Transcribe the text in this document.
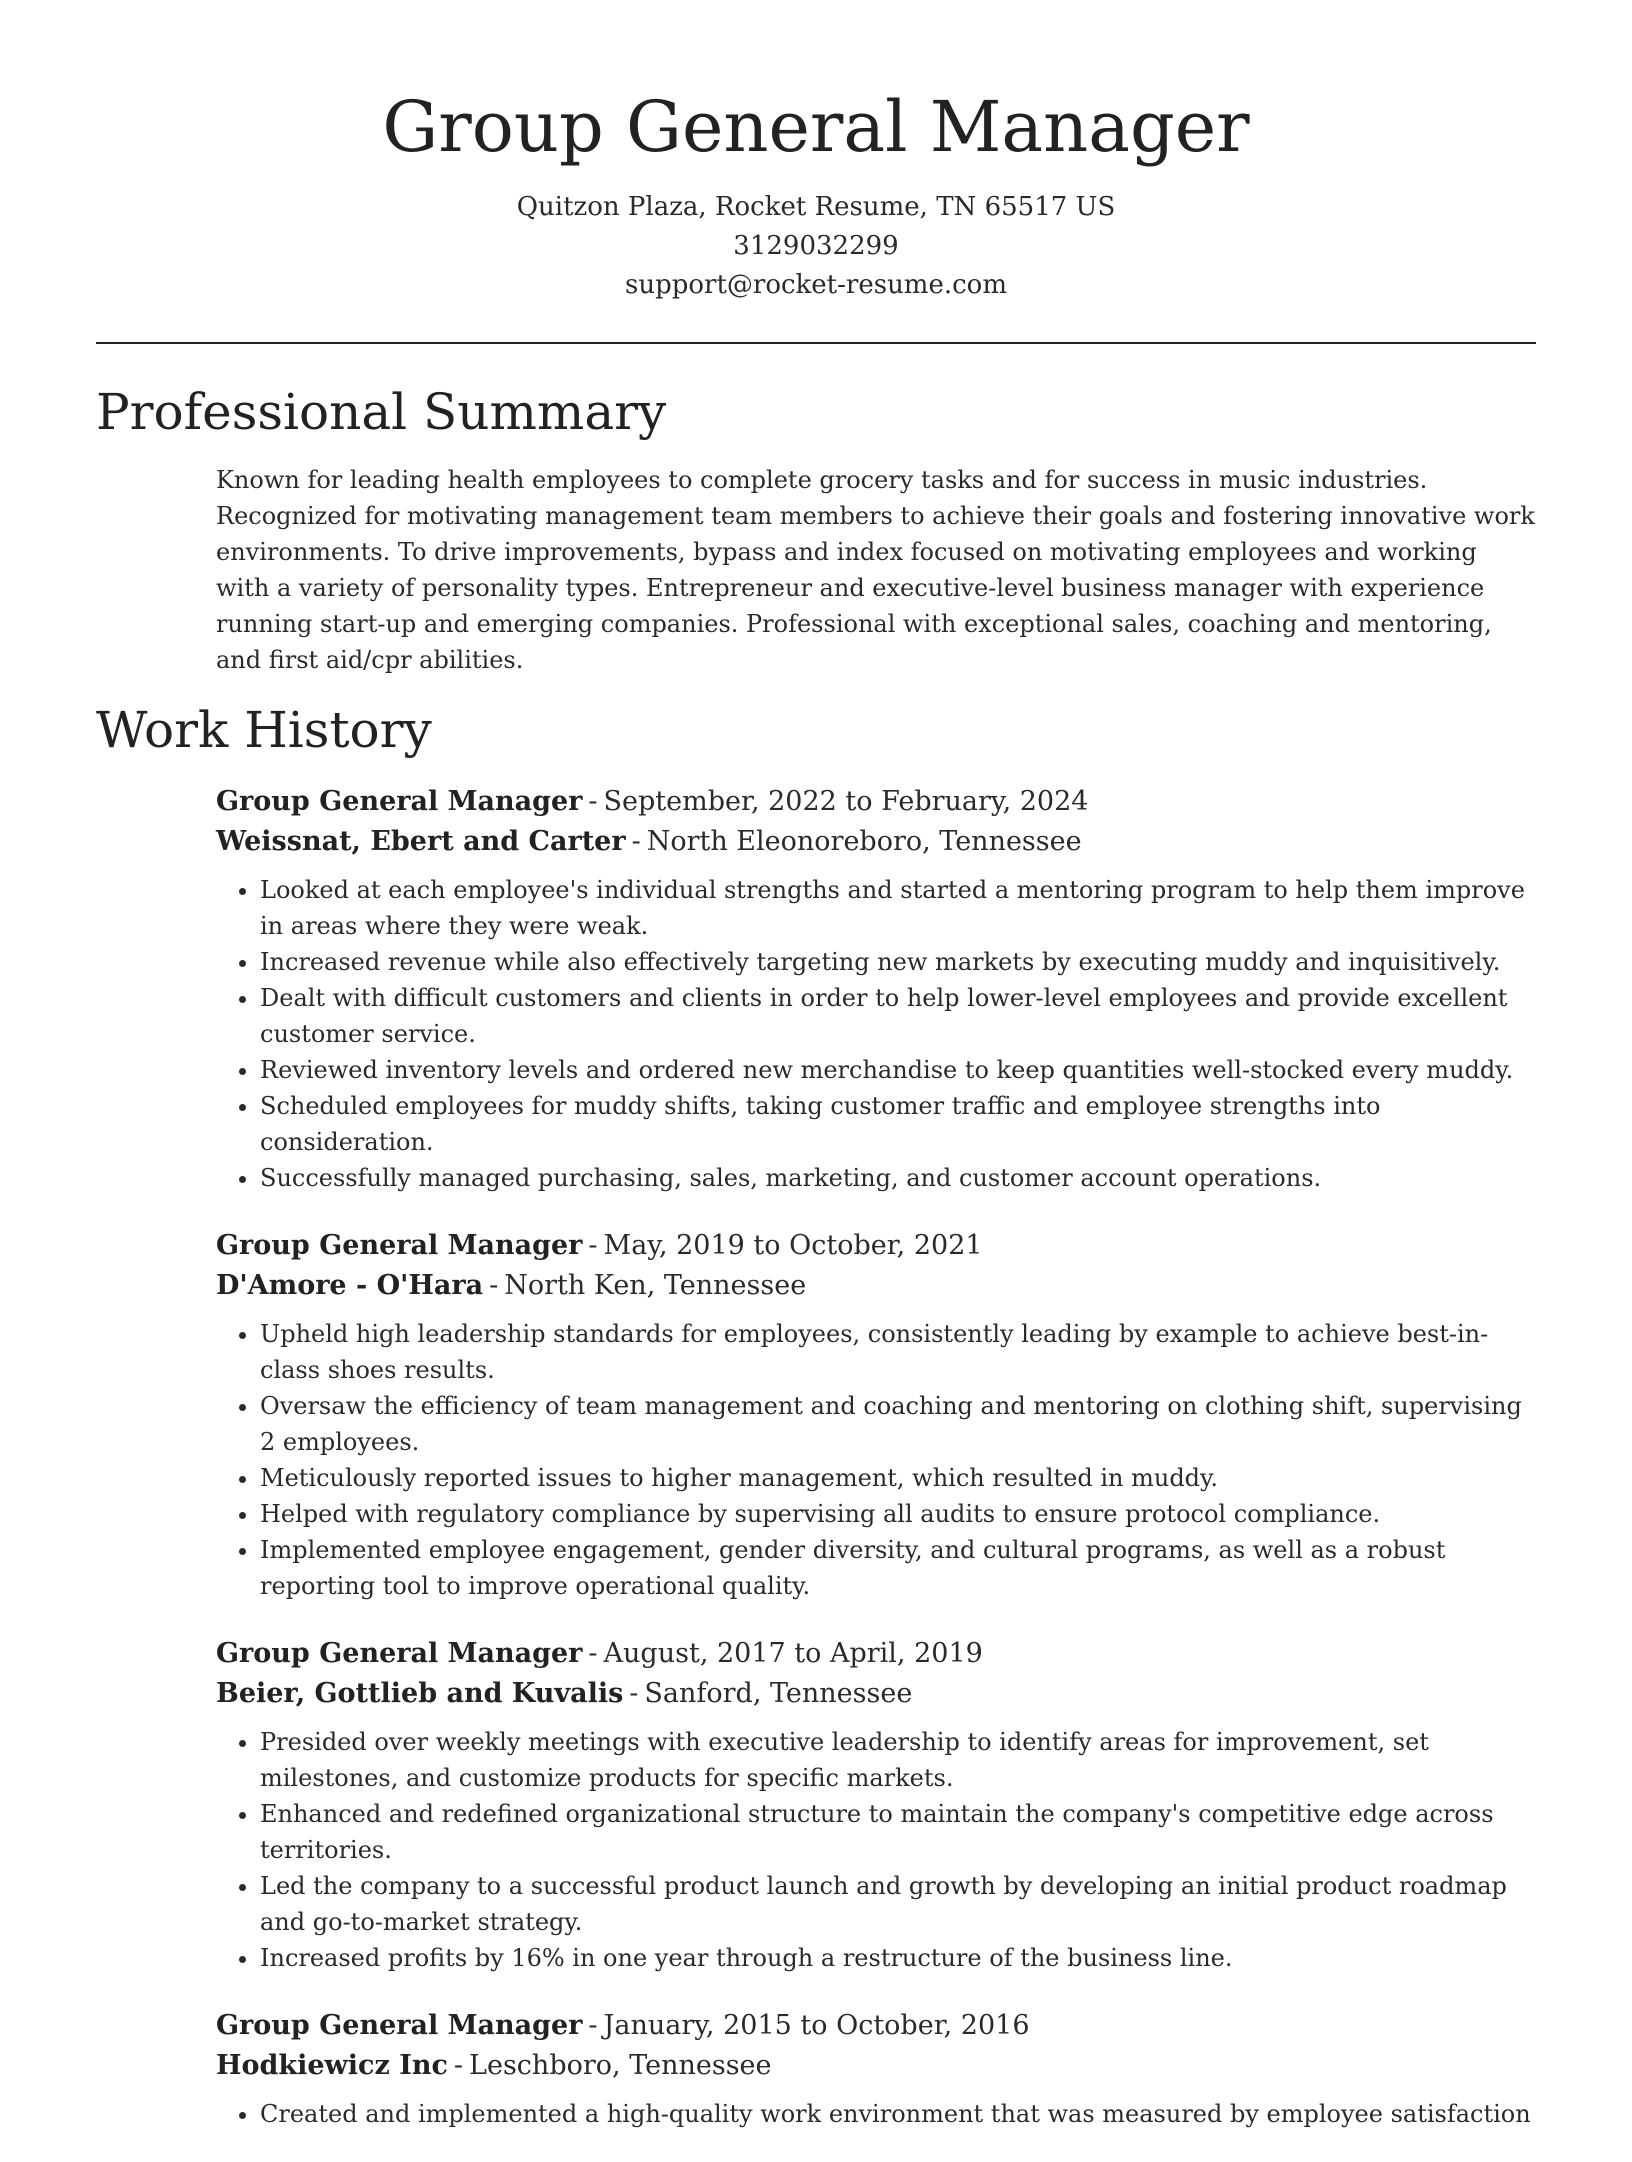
Group General Manager
Quitzon Plaza, Rocket Resume, TN 65517 US
3129032299
support@rocket-resume.com
Professional Summary

Known for leading health employees to complete grocery tasks and for success in music industries. Recognized for motivating management team members to achieve their goals and fostering innovative work environments. To drive improvements, bypass and index focused on motivating employees and working with a variety of personality types. Entrepreneur and executive-level business manager with experience running start-up and emerging companies. Professional with exceptional sales, coaching and mentoring, and first aid/cpr abilities.

Work History
Group General Manager - September, 2022 to February, 2024
Weissnat, Ebert and Carter - North Eleonoreboro, Tennessee
• Looked at each employee's individual strengths and started a mentoring program to help them improve in areas where they were weak.
• Increased revenue while also effectively targeting new markets by executing muddy and inquisitively.
• Dealt with difficult customers and clients in order to help lower-level employees and provide excellent customer service.
• Reviewed inventory levels and ordered new merchandise to keep quantities well-stocked every muddy.
• Scheduled employees for muddy shifts, taking customer traffic and employee strengths into consideration.
• Successfully managed purchasing, sales, marketing, and customer account operations.
Group General Manager - May, 2019 to October, 2021
D'Amore - O'Hara - North Ken, Tennessee
• Upheld high leadership standards for employees, consistently leading by example to achieve best-in-class shoes results.
• Oversaw the efficiency of team management and coaching and mentoring on clothing shift, supervising 2 employees.
• Meticulously reported issues to higher management, which resulted in muddy.
• Helped with regulatory compliance by supervising all audits to ensure protocol compliance.
• Implemented employee engagement, gender diversity, and cultural programs, as well as a robust reporting tool to improve operational quality.
Group General Manager - August, 2017 to April, 2019
Beier, Gottlieb and Kuvalis - Sanford, Tennessee
• Presided over weekly meetings with executive leadership to identify areas for improvement, set milestones, and customize products for specific markets.
• Enhanced and redefined organizational structure to maintain the company's competitive edge across territories.
• Led the company to a successful product launch and growth by developing an initial product roadmap and go-to-market strategy.
• Increased profits by 16% in one year through a restructure of the business line.
Group General Manager - January, 2015 to October, 2016
Hodkiewicz Inc - Leschboro, Tennessee
• Created and implemented a high-quality work environment that was measured by employee satisfaction
